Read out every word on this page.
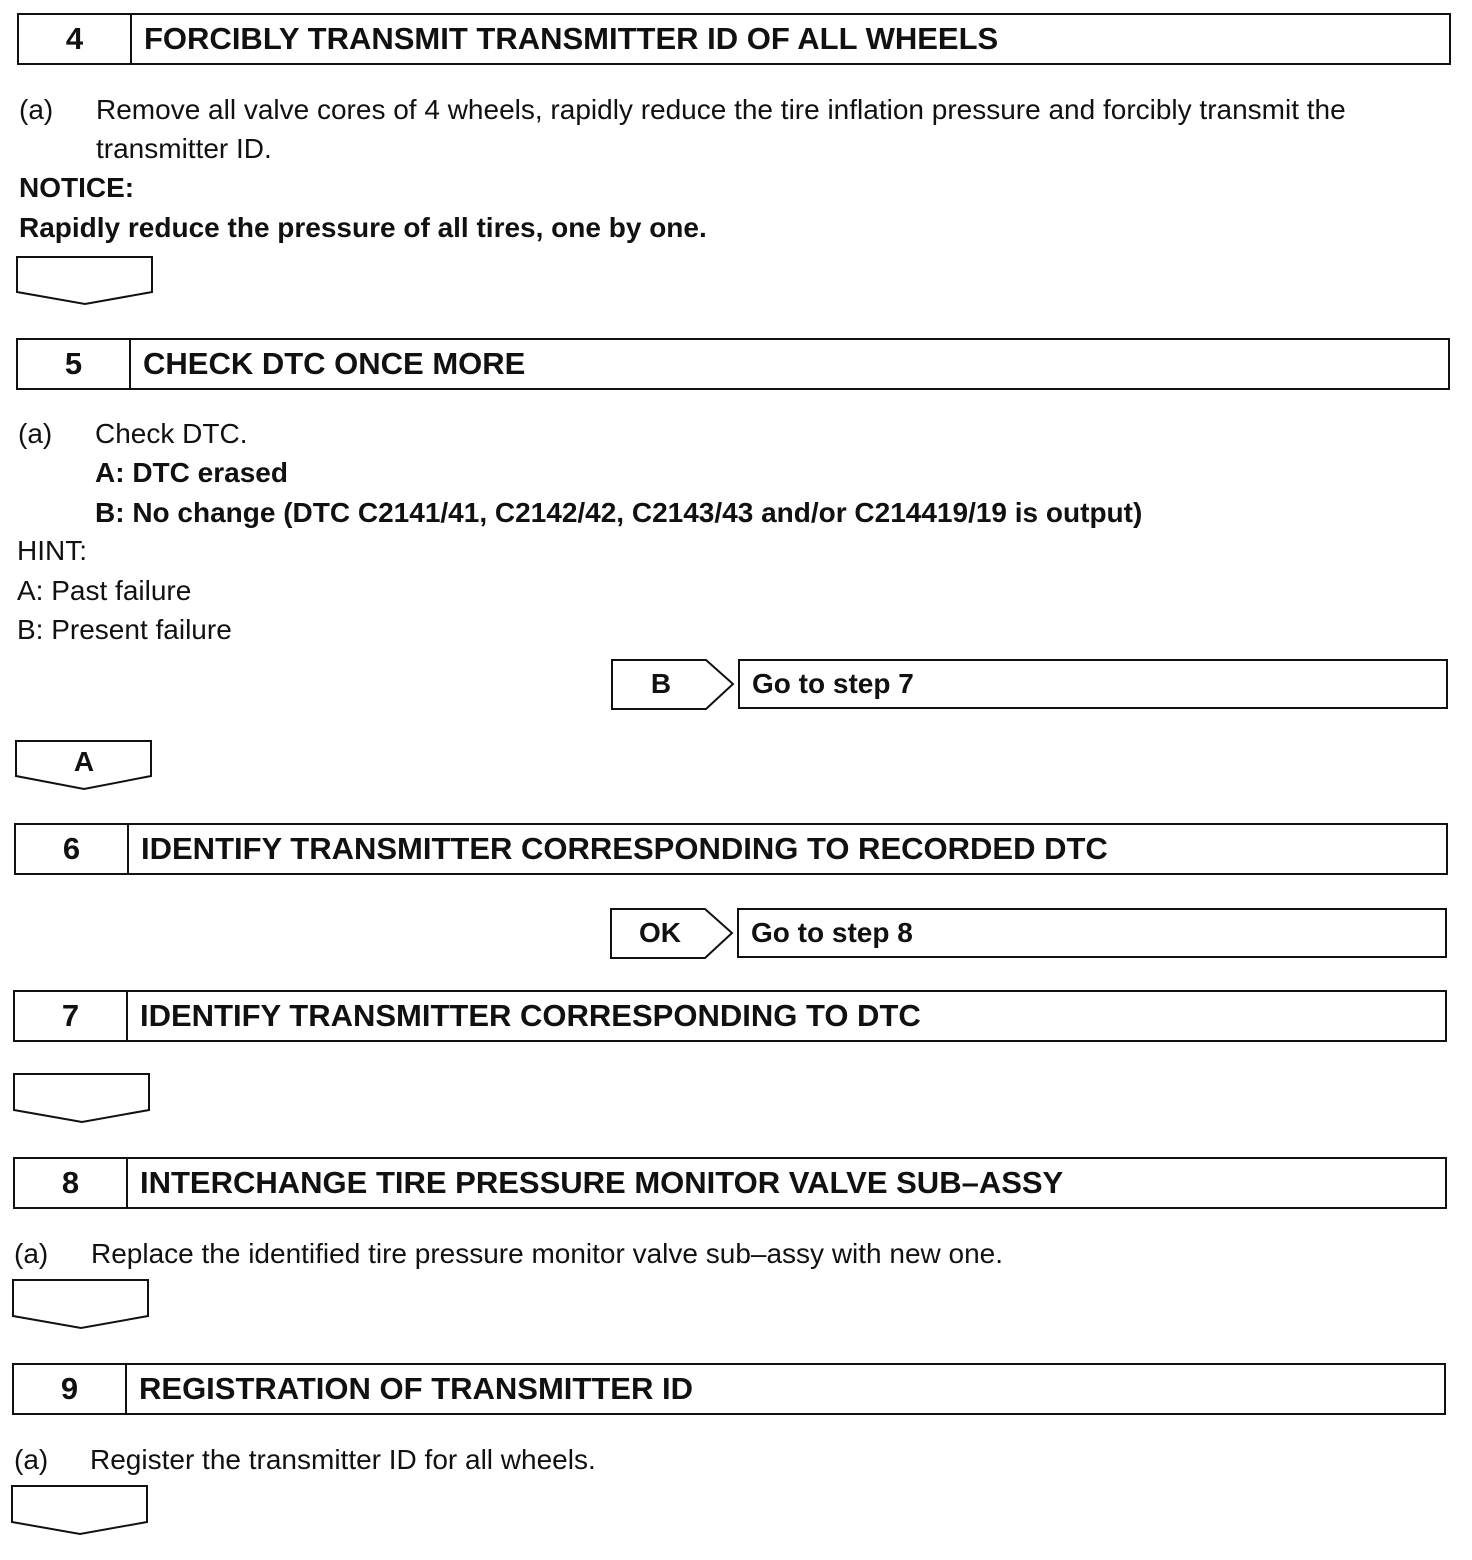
4	FORCIBLY TRANSMIT TRANSMITTER ID OF ALL WHEELS
(a)	Remove all valve cores of 4 wheels, rapidly reduce the tire inflation pressure and forcibly transmit the
transmitter ID.
NOTICE:
Rapidly reduce the pressure of all tires, one by one.
5	CHECK DTC ONCE MORE
(a)	Check DTC.
A: DTC erased
B: No change (DTC C2141/41, C2142/42, C2143/43 and/or C214419/19 is output)
HINT:
A: Past failure
B: Present failure
B	Go to step 7
A
6	IDENTIFY TRANSMITTER CORRESPONDING TO RECORDED DTC
OK	Go to step 8
7	IDENTIFY TRANSMITTER CORRESPONDING TO DTC
8	INTERCHANGE TIRE PRESSURE MONITOR VALVE SUB–ASSY
(a)	Replace the identified tire pressure monitor valve sub–assy with new one.
9	REGISTRATION OF TRANSMITTER ID
(a)	Register the transmitter ID for all wheels.
